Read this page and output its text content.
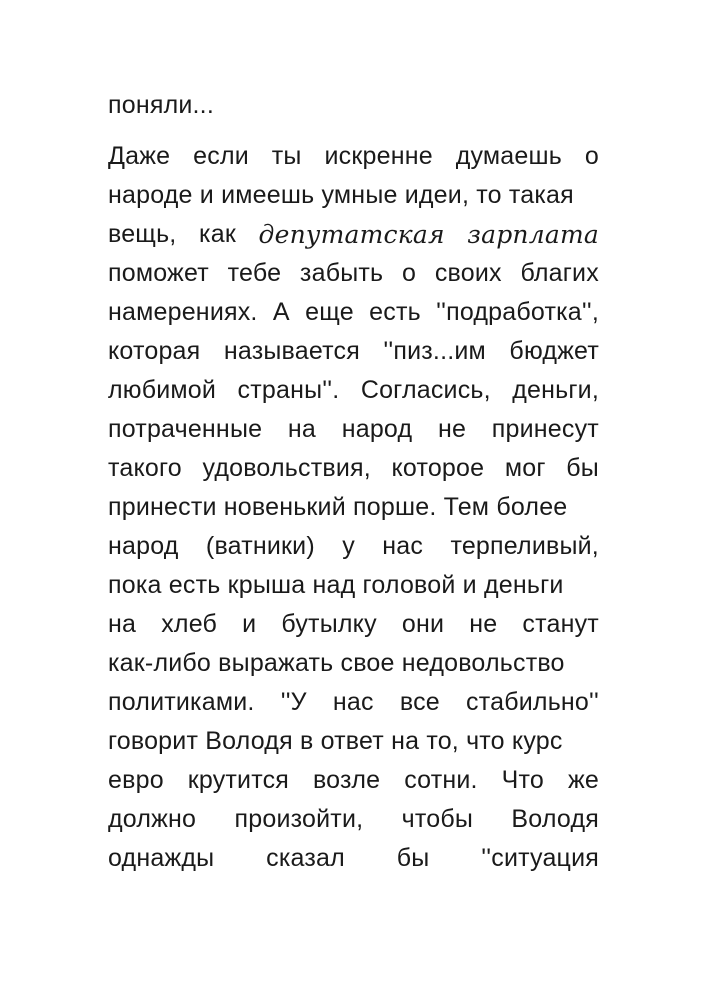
поняли...
Даже если ты искренне думаешь о
народе и имеешь умные идеи, то такая
вещь, как депутатская зарплата
поможет тебе забыть о своих благих
намерениях. А еще есть ''подработка'',
которая называется ''пиз...им бюджет
любимой страны''. Согласись, деньги,
потраченные на народ не принесут
такого удовольствия, которое мог бы
принести новенький порше. Тем более
народ (ватники) у нас терпеливый,
пока есть крыша над головой и деньги
на хлеб и бутылку они не станут
как-либо выражать свое недовольство
политиками. ''У нас все стабильно''
говорит Володя в ответ на то, что курс
евро крутится возле сотни. Что же
должно произойти, чтобы Володя
однажды сказал бы ''ситуация
